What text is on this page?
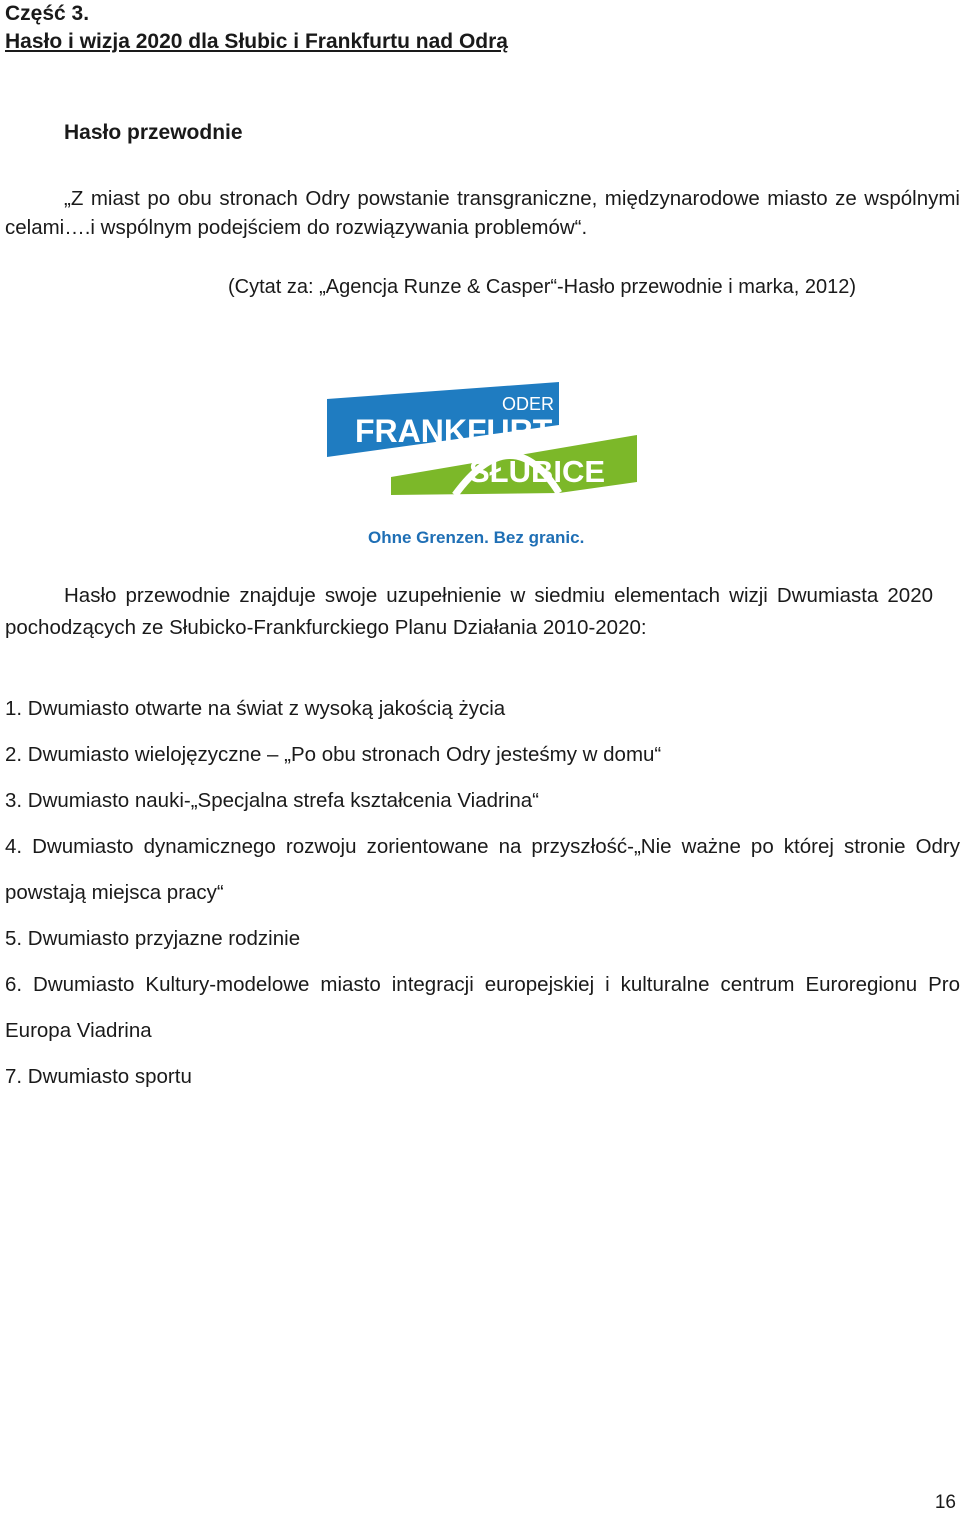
Część 3.

Hasło i wizja 2020 dla Słubic i Frankfurtu nad Odrą

Hasło przewodnie

„Z miast po obu stronach Odry powstanie transgraniczne, międzynarodowe miasto ze wspólnymi celami….i wspólnym podejściem do rozwiązywania problemów“.

(Cytat za: „Agencja Runze & Casper“-Hasło przewodnie i marka, 2012)

ODER
FRANKFURT
SŁUBICE
Ohne Grenzen. Bez granic.

Hasło przewodnie znajduje swoje uzupełnienie w siedmiu elementach wizji Dwumiasta 2020 pochodzących ze Słubicko-Frankfurckiego Planu Działania 2010-2020:

1. Dwumiasto otwarte na świat z wysoką jakością życia
2. Dwumiasto wielojęzyczne – „Po obu stronach Odry jesteśmy w domu“
3. Dwumiasto nauki-„Specjalna strefa kształcenia Viadrina“
4. Dwumiasto dynamicznego rozwoju zorientowane na przyszłość-„Nie ważne po której stronie Odry powstają miejsca pracy“
5. Dwumiasto przyjazne rodzinie
6. Dwumiasto Kultury-modelowe miasto integracji europejskiej i kulturalne centrum Euroregionu Pro Europa Viadrina
7. Dwumiasto sportu

16
